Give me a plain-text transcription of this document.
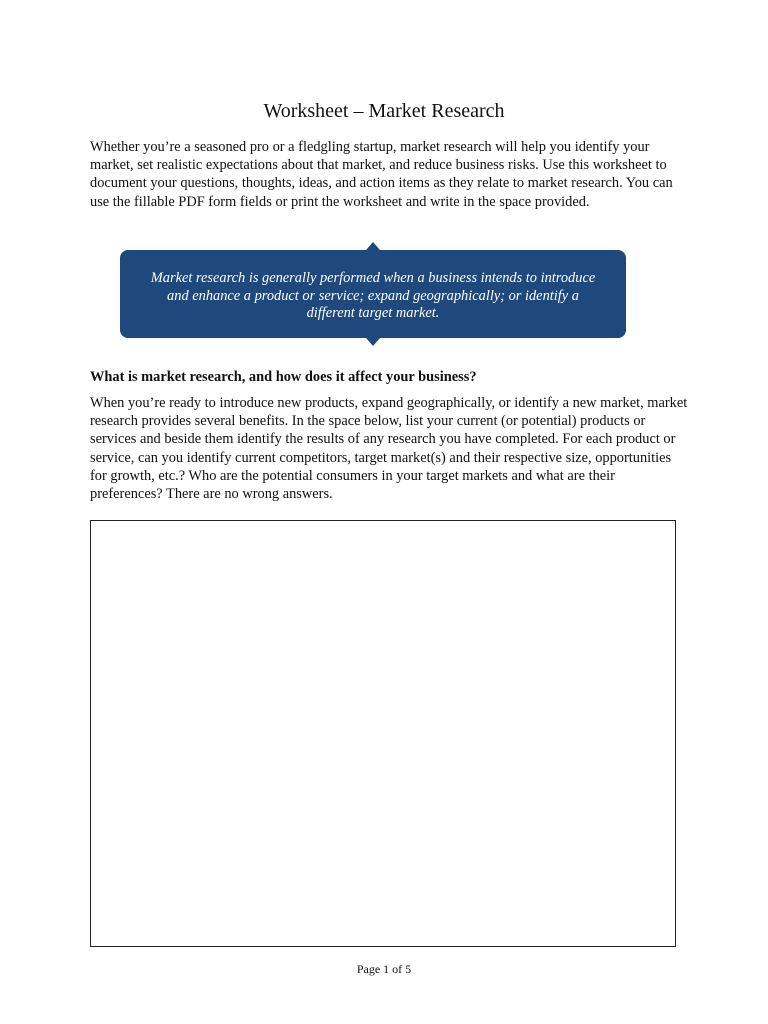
Worksheet – Market Research

Whether you’re a seasoned pro or a fledgling startup, market research will help you identify your market, set realistic expectations about that market, and reduce business risks. Use this worksheet to document your questions, thoughts, ideas, and action items as they relate to market research. You can use the fillable PDF form fields or print the worksheet and write in the space provided.

Market research is generally performed when a business intends to introduce and enhance a product or service; expand geographically; or identify a different target market.

What is market research, and how does it affect your business?

When you’re ready to introduce new products, expand geographically, or identify a new market, market research provides several benefits. In the space below, list your current (or potential) products or services and beside them identify the results of any research you have completed. For each product or service, can you identify current competitors, target market(s) and their respective size, opportunities for growth, etc.? Who are the potential consumers in your target markets and what are their preferences? There are no wrong answers.

Page 1 of 5
